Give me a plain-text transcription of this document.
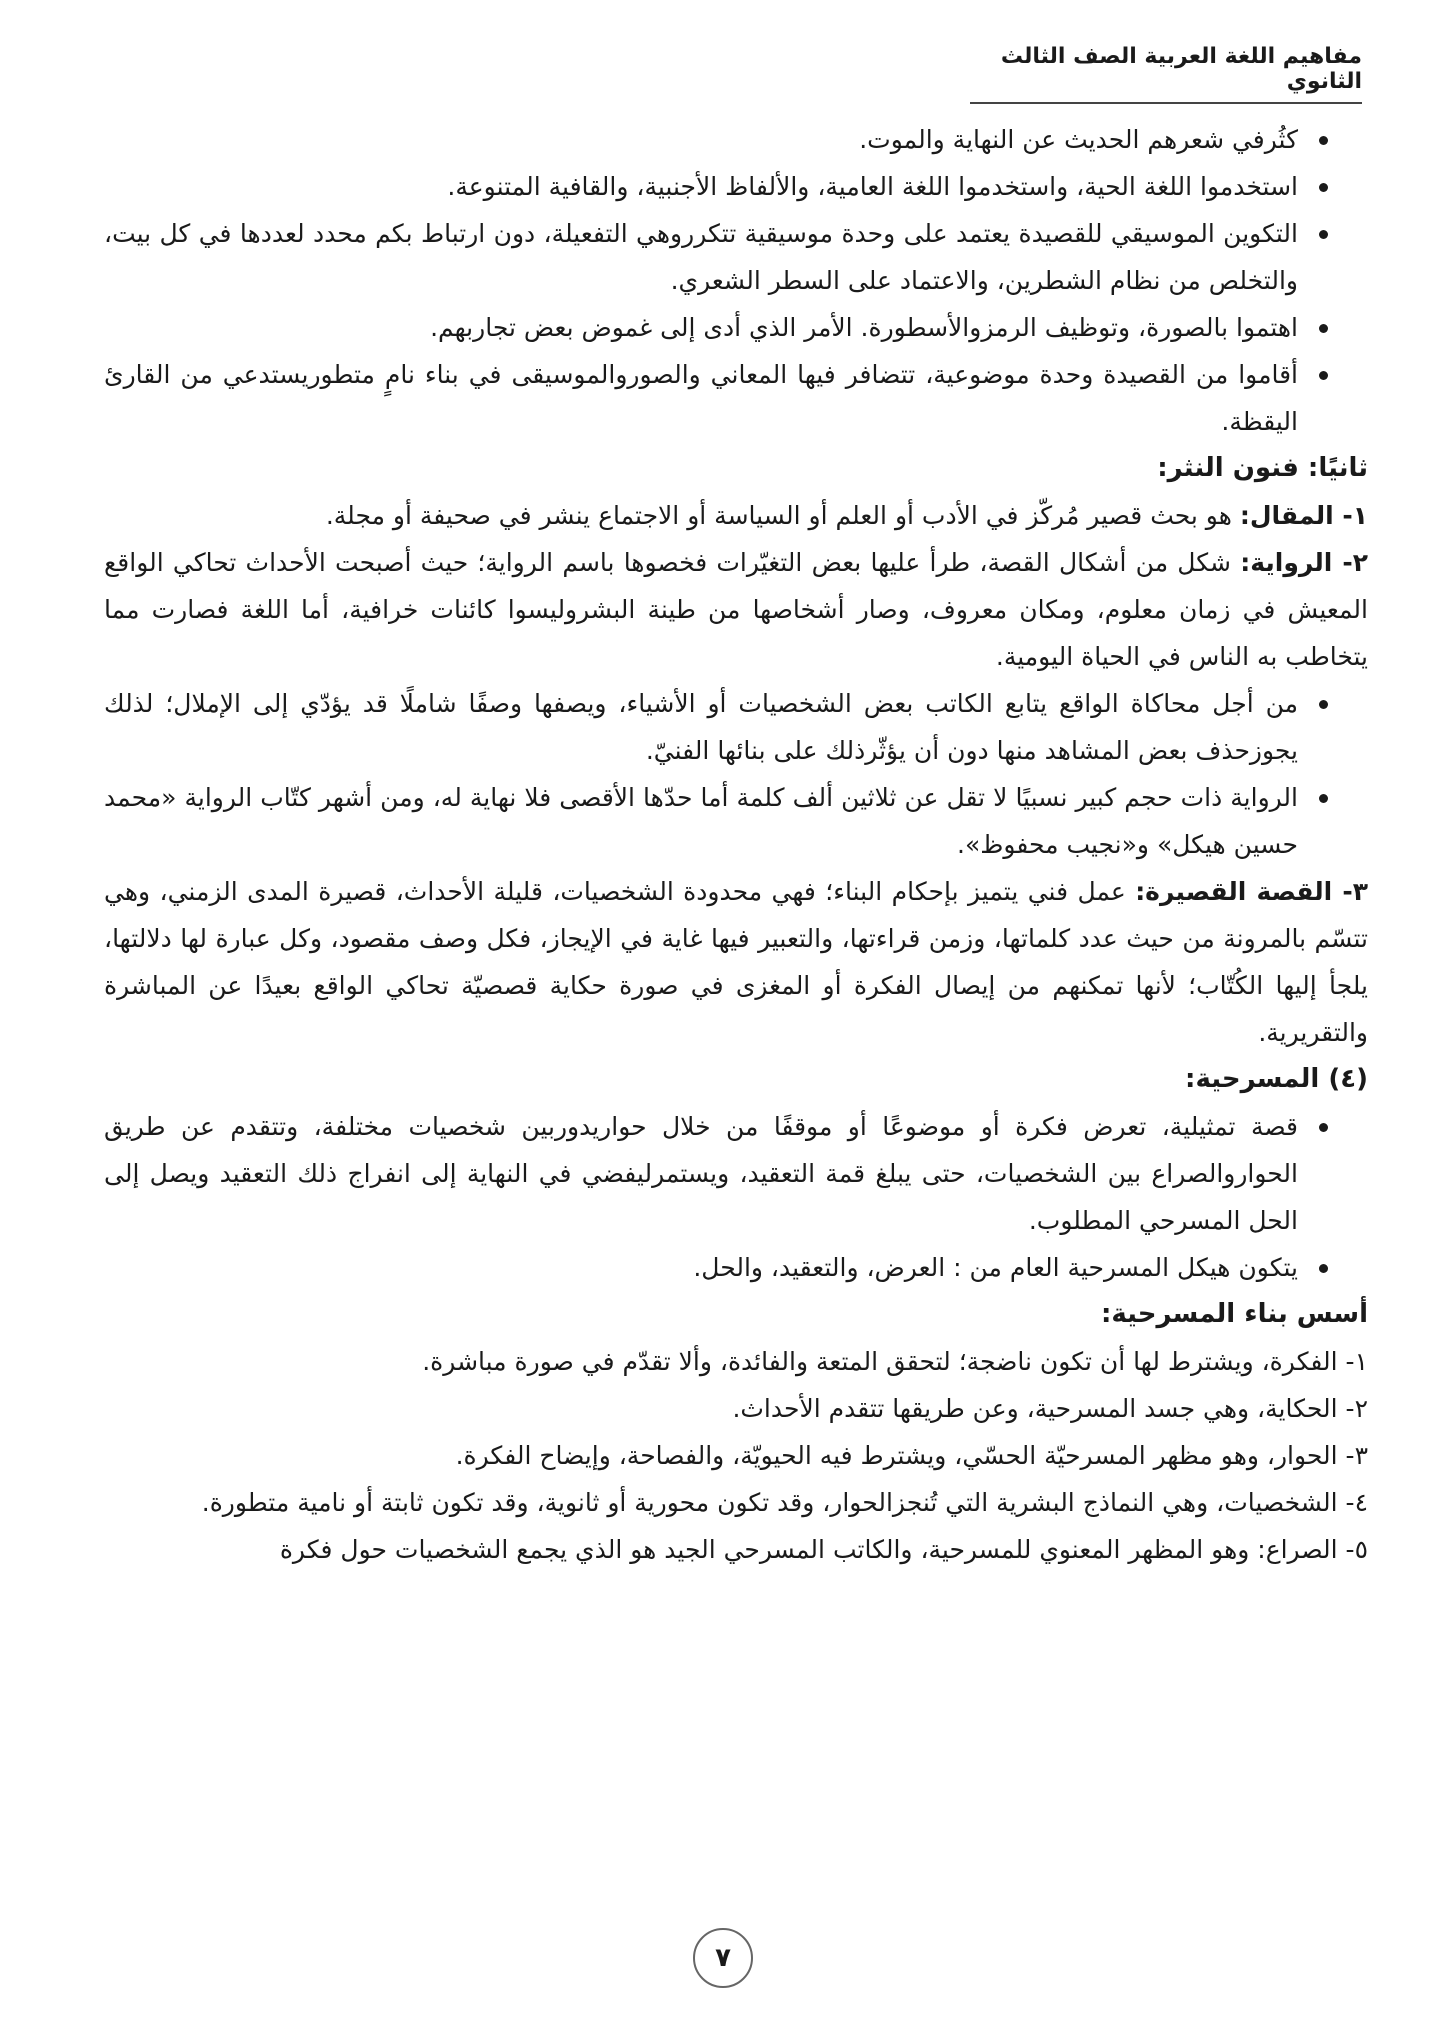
مفاهيم اللغة العربية الصف الثالث الثانوي
كثُرفي شعرهم الحديث عن النهاية والموت.
استخدموا اللغة الحية، واستخدموا اللغة العامية، والألفاظ الأجنبية، والقافية المتنوعة.
التكوين الموسيقي للقصيدة يعتمد على وحدة موسيقية تتكرروهي التفعيلة، دون ارتباط بكم محدد لعددها في كل بيت، والتخلص من نظام الشطرين، والاعتماد على السطر الشعري.
اهتموا بالصورة، وتوظيف الرمزوالأسطورة. الأمر الذي أدى إلى غموض بعض تجاربهم.
أقاموا من القصيدة وحدة موضوعية، تتضافر فيها المعاني والصوروالموسيقى في بناء نامٍ متطوريستدعي من القارئ اليقظة.
ثانيًا: فنون النثر:
١- المقال: هو بحث قصير مُركّز في الأدب أو العلم أو السياسة أو الاجتماع ينشر في صحيفة أو مجلة.
٢- الرواية: شكل من أشكال القصة، طرأ عليها بعض التغيّرات فخصوها باسم الرواية؛ حيث أصبحت الأحداث تحاكي الواقع المعيش في زمان معلوم، ومكان معروف، وصار أشخاصها من طينة البشروليسوا كائنات خرافية، أما اللغة فصارت مما يتخاطب به الناس في الحياة اليومية.
من أجل محاكاة الواقع يتابع الكاتب بعض الشخصيات أو الأشياء، ويصفها وصفًا شاملًا قد يؤدّي إلى الإملال؛ لذلك يجوزحذف بعض المشاهد منها دون أن يؤثّرذلك على بنائها الفنيّ.
الرواية ذات حجم كبير نسبيًا لا تقل عن ثلاثين ألف كلمة أما حدّها الأقصى فلا نهاية له، ومن أشهر كتّاب الرواية «محمد حسين هيكل» و«نجيب محفوظ».
٣- القصة القصيرة: عمل فني يتميز بإحكام البناء؛ فهي محدودة الشخصيات، قليلة الأحداث، قصيرة المدى الزمني، وهي تتسّم بالمرونة من حيث عدد كلماتها، وزمن قراءتها، والتعبير فيها غاية في الإيجاز، فكل وصف مقصود، وكل عبارة لها دلالتها، يلجأ إليها الكُتّاب؛ لأنها تمكنهم من إيصال الفكرة أو المغزى في صورة حكاية قصصيّة تحاكي الواقع بعيدًا عن المباشرة والتقريرية.
(٤) المسرحية:
قصة تمثيلية، تعرض فكرة أو موضوعًا أو موقفًا من خلال حواريدوربين شخصيات مختلفة، وتتقدم عن طريق الحواروالصراع بين الشخصيات، حتى يبلغ قمة التعقيد، ويستمرليفضي في النهاية إلى انفراج ذلك التعقيد ويصل إلى الحل المسرحي المطلوب.
يتكون هيكل المسرحية العام من : العرض، والتعقيد، والحل.
أسس بناء المسرحية:
١- الفكرة، ويشترط لها أن تكون ناضجة؛ لتحقق المتعة والفائدة، وألا تقدّم في صورة مباشرة.
٢- الحكاية، وهي جسد المسرحية، وعن طريقها تتقدم الأحداث.
٣- الحوار، وهو مظهر المسرحيّة الحسّي، ويشترط فيه الحيويّة، والفصاحة، وإيضاح الفكرة.
٤- الشخصيات، وهي النماذج البشرية التي تُنجزالحوار، وقد تكون محورية أو ثانوية، وقد تكون ثابتة أو نامية متطورة.
٥- الصراع: وهو المظهر المعنوي للمسرحية، والكاتب المسرحي الجيد هو الذي يجمع الشخصيات حول فكرة
٧
